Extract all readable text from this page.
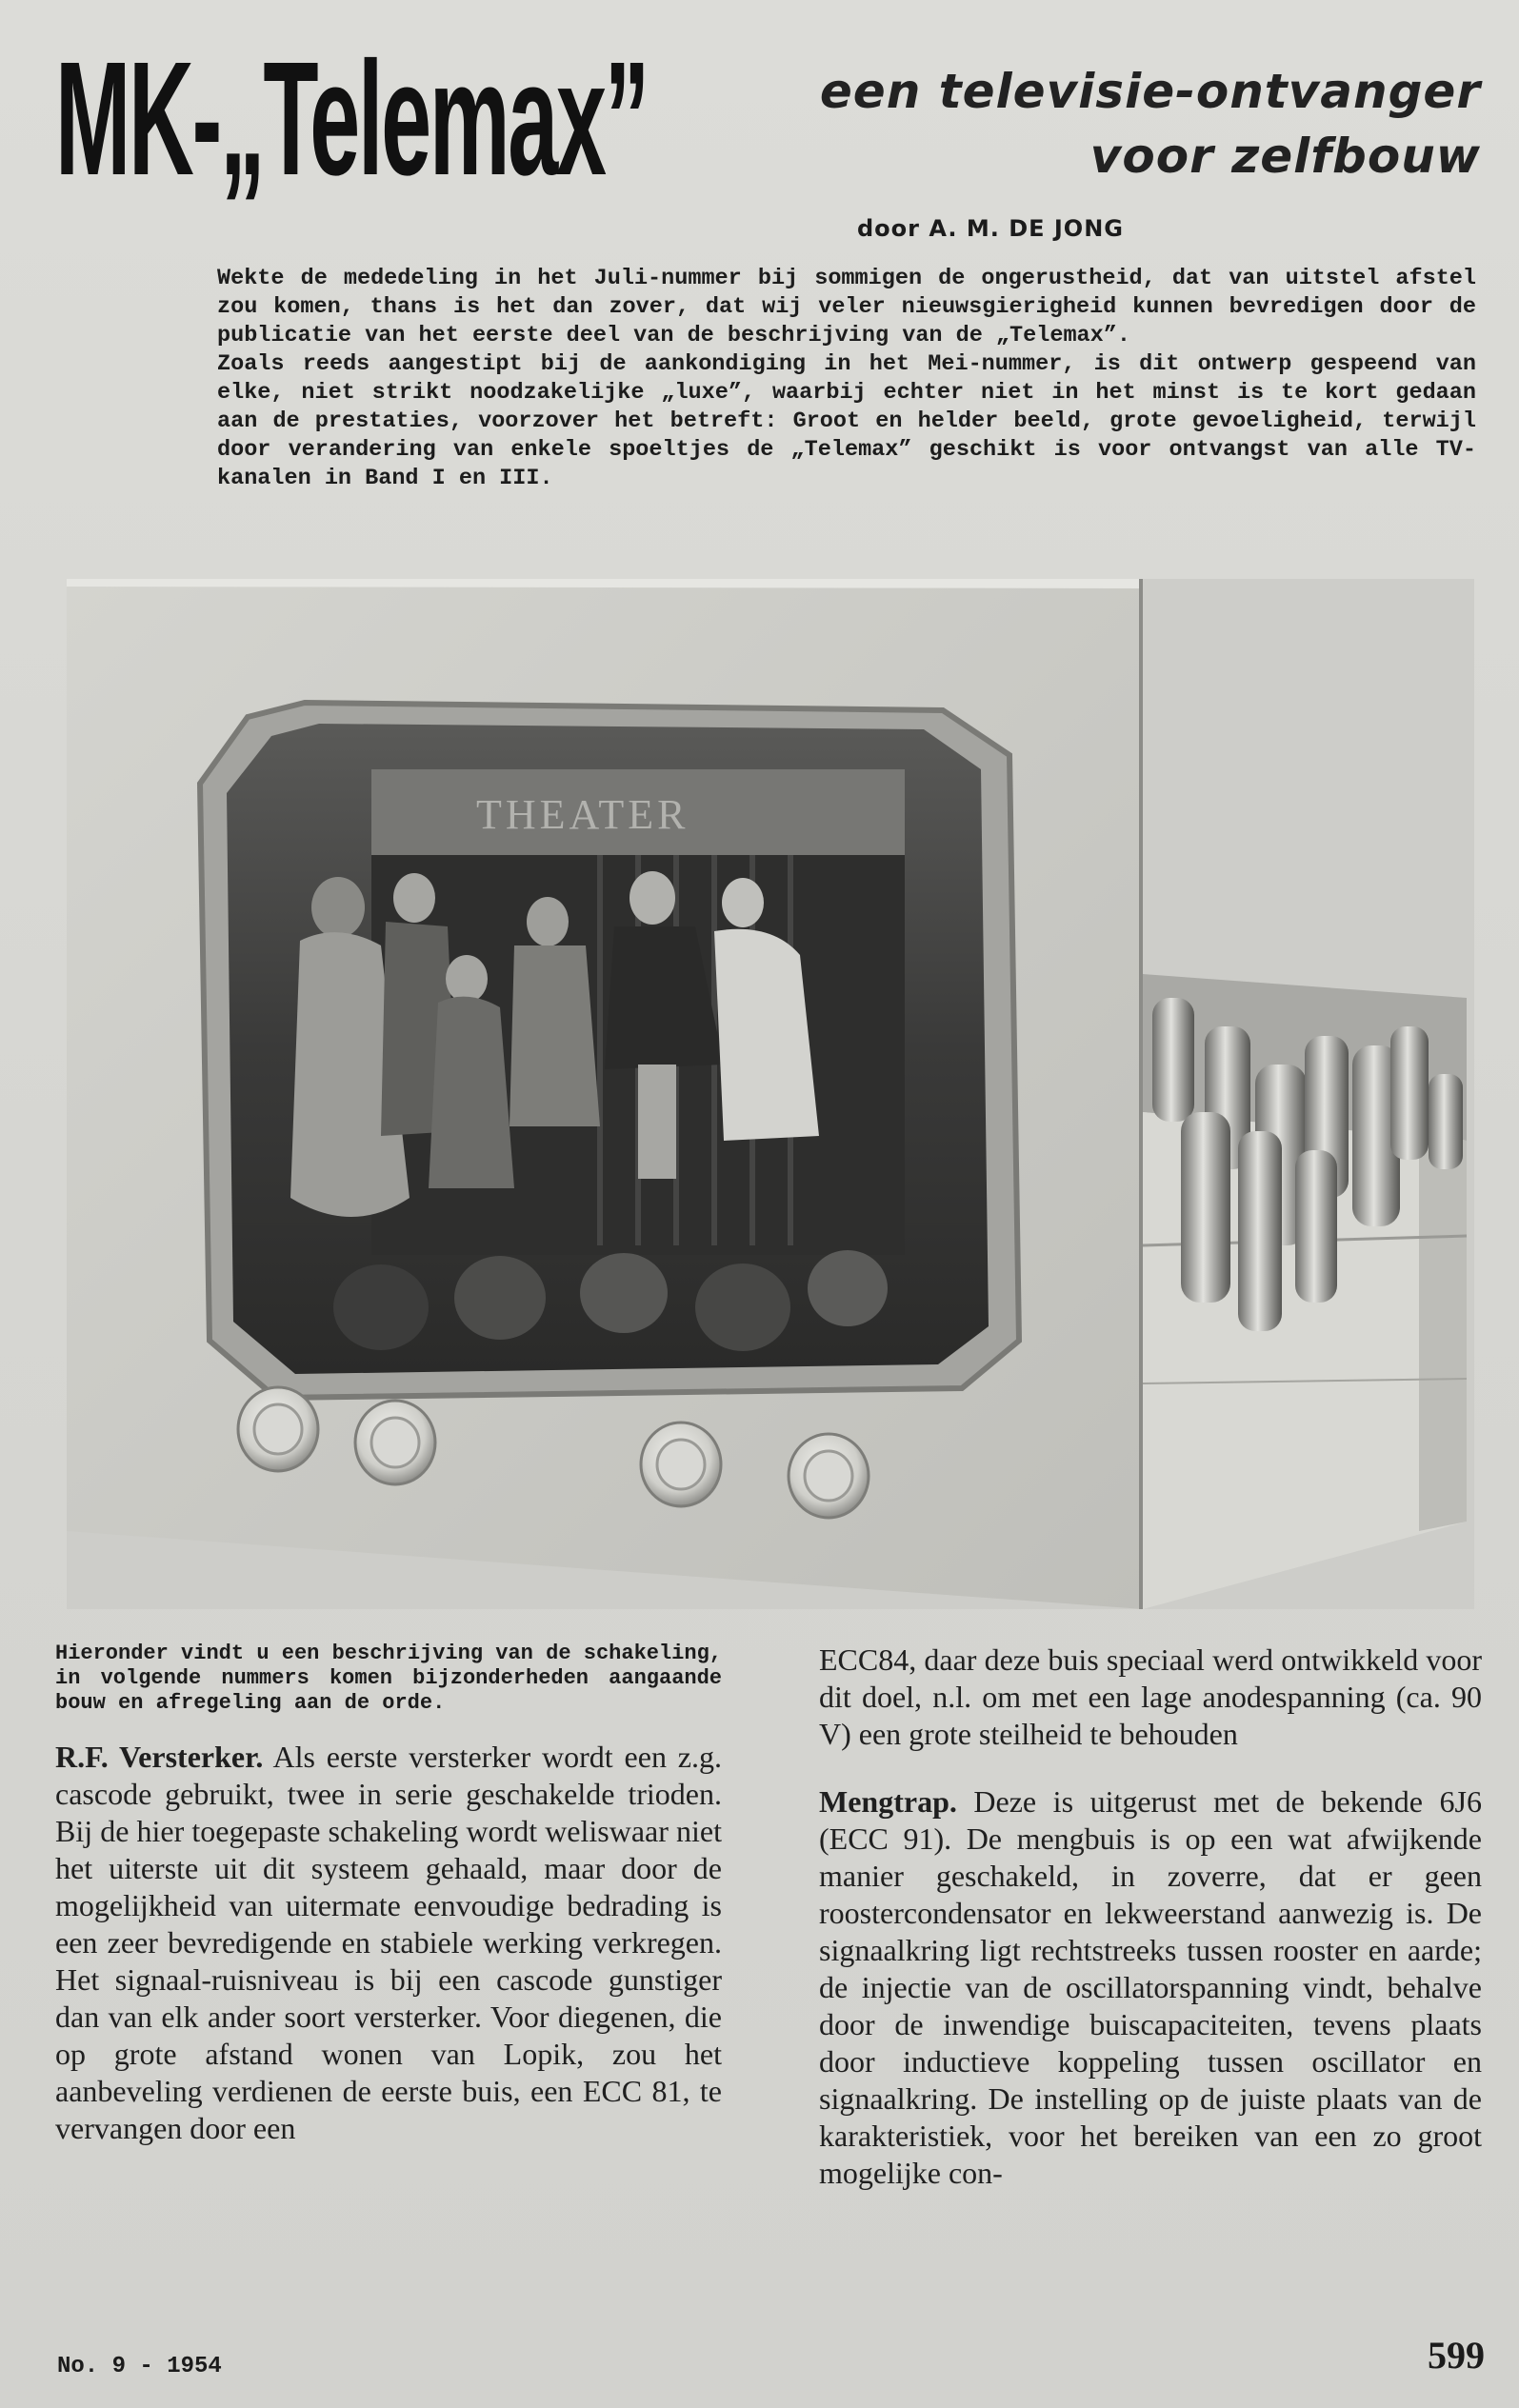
MK-„Telemax”	een televisie-ontvanger
voor zelfbouw
door A. M. DE JONG

Wekte de mededeling in het Juli-nummer bij sommigen de ongerustheid, dat van uitstel afstel zou komen, thans is het dan zover, dat wij veler nieuwsgierigheid kunnen bevredigen door de publicatie van het eerste deel van de beschrijving van de „Telemax”.

Zoals reeds aangestipt bij de aankondiging in het Mei-nummer, is dit ontwerp gespeend van elke, niet strikt noodzakelijke „luxe”, waarbij echter niet in het minst is te kort gedaan aan de prestaties, voorzover het betreft: Groot en helder beeld, grote gevoeligheid, terwijl door verandering van enkele spoeltjes de „Telemax” geschikt is voor ontvangst van alle TV-kanalen in Band I en III.

THEATER

Hieronder vindt u een beschrijving van de schakeling, in volgende nummers komen bijzonderheden aangaande bouw en afregeling aan de orde.

R.F. Versterker. Als eerste versterker wordt een z.g. cascode gebruikt, twee in serie geschakelde trioden. Bij de hier toegepaste schakeling wordt weliswaar niet het uiterste uit dit systeem gehaald, maar door de mogelijkheid van uitermate eenvoudige bedrading is een zeer bevredigende en stabiele werking verkregen. Het signaal-ruisniveau is bij een cascode gunstiger dan van elk ander soort versterker. Voor diegenen, die op grote afstand wonen van Lopik, zou het aanbeveling verdienen de eerste buis, een ECC 81, te vervangen door een

ECC84, daar deze buis speciaal werd ontwikkeld voor dit doel, n.l. om met een lage anodespanning (ca. 90 V) een grote steilheid te behouden

Mengtrap. Deze is uitgerust met de bekende 6J6 (ECC 91). De mengbuis is op een wat afwijkende manier geschakeld, in zoverre, dat er geen roostercondensator en lekweerstand aanwezig is. De signaalkring ligt rechtstreeks tussen rooster en aarde; de injectie van de oscillatorspanning vindt, behalve door de inwendige buiscapaciteiten, tevens plaats door inductieve koppeling tussen oscillator en signaalkring. De instelling op de juiste plaats van de karakteristiek, voor het bereiken van een zo groot mogelijke con-

No. 9 - 1954	599
